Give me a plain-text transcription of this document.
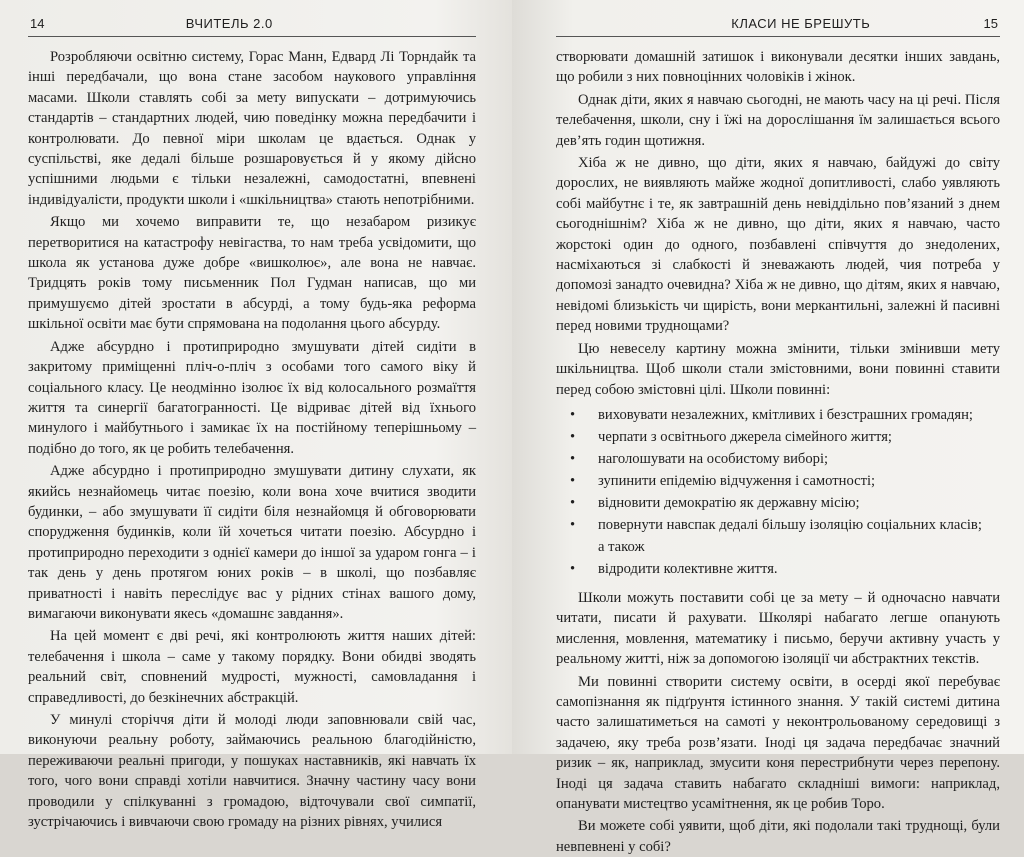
14	ВЧИТЕЛЬ 2.0

Розробляючи освітню систему, Горас Манн, Едвард Лі Торндайк та інші передбачали, що вона стане засобом наукового управління масами. Школи ставлять собі за мету випускати – дотримуючись стандартів – стандартних людей, чию поведінку можна передбачити і контролювати. До певної міри школам це вдається. Однак у суспільстві, яке дедалі більше розшаровується й у якому дійсно успішними людьми є тільки незалежні, самодостатні, впевнені індивідуалісти, продукти школи і «шкільництва» стають непотрібними.

Якщо ми хочемо виправити те, що незабаром ризикує перетворитися на катастрофу невігаства, то нам треба усвідомити, що школа як установа дуже добре «вишколює», але вона не навчає. Тридцять років тому письменник Пол Гудман написав, що ми примушуємо дітей зростати в абсурді, а тому будь-яка реформа шкільної освіти має бути спрямована на подолання цього абсурду.

Адже абсурдно і протиприродно змушувати дітей сидіти в закритому приміщенні пліч-о-пліч з особами того самого віку й соціального класу. Це неодмінно ізолює їх від колосального розмаїття життя та синергії багатогранності. Це відриває дітей від їхнього минулого і майбутнього і замикає їх на постійному теперішньому – подібно до того, як це робить телебачення.

Адже абсурдно і протиприродно змушувати дитину слухати, як якийсь незнайомець читає поезію, коли вона хоче вчитися зводити будинки, – або змушувати її сидіти біля незнайомця й обговорювати спорудження будинків, коли їй хочеться читати поезію. Абсурдно і протиприродно переходити з однієї камери до іншої за ударом гонга – і так день у день протягом юних років – в школі, що позбавляє приватності і навіть переслідує вас у рідних стінах вашого дому, вимагаючи виконувати якесь «домашнє завдання».

На цей момент є дві речі, які контролюють життя наших дітей: телебачення і школа – саме у такому порядку. Вони обидві зводять реальний світ, сповнений мудрості, мужності, самовладання і справедливості, до безкінечних абстракцій.

У минулі сторіччя діти й молоді люди заповнювали свій час, виконуючи реальну роботу, займаючись реальною благодійністю, переживаючи реальні пригоди, у пошуках наставників, які навчать їх того, чого вони справді хотіли навчитися. Значну частину часу вони проводили у спілкуванні з громадою, відточували свої симпатії, зустрічаючись і вивчаючи свою громаду на різних рівнях, училися

КЛАСИ НЕ БРЕШУТЬ	15

створювати домашній затишок і виконували десятки інших завдань, що робили з них повноцінних чоловіків і жінок.

Однак діти, яких я навчаю сьогодні, не мають часу на ці речі. Після телебачення, школи, сну і їжі на дорослішання їм залишається всього дев’ять годин щотижня.

Хіба ж не дивно, що діти, яких я навчаю, байдужі до світу дорослих, не виявляють майже жодної допитливості, слабо уявляють собі майбутнє і те, як завтрашній день невіддільно пов’язаний з днем сьогоднішнім? Хіба ж не дивно, що діти, яких я навчаю, часто жорстокі один до одного, позбавлені співчуття до знедолених, насміхаються зі слабкості й зневажають людей, чия потреба у допомозі занадто очевидна? Хіба ж не дивно, що дітям, яких я навчаю, невідомі близькість чи щирість, вони меркантильні, залежні й пасивні перед новими труднощами?

Цю невеселу картину можна змінити, тільки змінивши мету шкільництва. Щоб школи стали змістовними, вони повинні ставити перед собою змістовні цілі. Школи повинні:

• виховувати незалежних, кмітливих і безстрашних громадян;
• черпати з освітнього джерела сімейного життя;
• наголошувати на особистому виборі;
• зупинити епідемію відчуження і самотності;
• відновити демократію як державну місію;
• повернути навспак дедалі більшу ізоляцію соціальних класів;
а також
• відродити колективне життя.

Школи можуть поставити собі це за мету – й одночасно навчати читати, писати й рахувати. Школярі набагато легше опанують мислення, мовлення, математику і письмо, беручи активну участь у реальному житті, ніж за допомогою ізоляції чи абстрактних текстів.

Ми повинні створити систему освіти, в осерді якої перебуває самопізнання як підґрунтя істинного знання. У такій системі дитина часто залишатиметься на самоті у неконтрольованому середовищі з задачею, яку треба розв’язати. Іноді ця задача передбачає значний ризик – як, наприклад, змусити коня перестрибнути через перепону. Іноді ця задача ставить набагато складніші вимоги: наприклад, опанувати мистецтво усамітнення, як це робив Торо.

Ви можете собі уявити, щоб діти, які подолали такі труднощі, були невпевнені у собі?
